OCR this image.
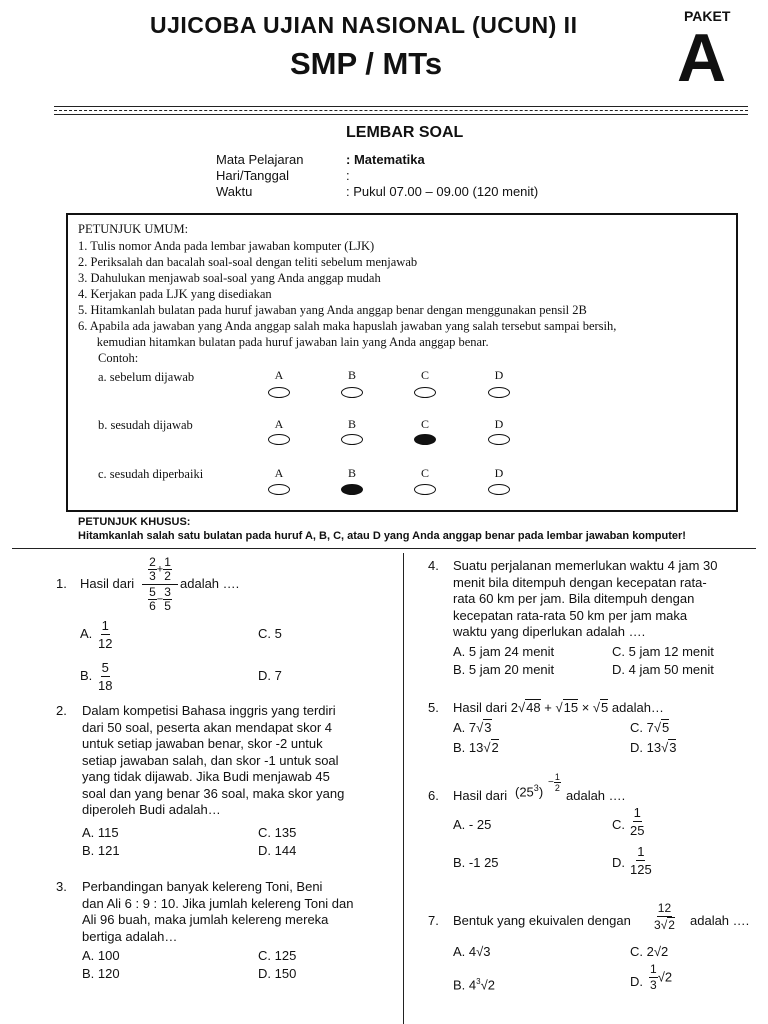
UJICOBA UJIAN NASIONAL (UCUN) II
SMP / MTs
PAKET
A
LEMBAR SOAL
Mata Pelajaran	: Matematika
Hari/Tanggal	:
Waktu	: Pukul 07.00 – 09.00 (120 menit)
PETUNJUK UMUM:
1. Tulis nomor Anda pada lembar jawaban komputer (LJK)
2. Periksalah dan bacalah soal-soal dengan teliti sebelum menjawab
3. Dahulukan menjawab soal-soal yang Anda anggap mudah
4. Kerjakan pada LJK yang disediakan
5. Hitamkanlah bulatan pada huruf jawaban yang Anda anggap benar dengan menggunakan pensil 2B
6. Apabila ada jawaban yang Anda anggap salah maka hapuslah jawaban yang salah tersebut sampai bersih,
kemudian hitamkan bulatan pada huruf jawaban lain yang Anda anggap benar.
Contoh:
a. sebelum dijawab	A	B	C	D
b. sesudah dijawab	A	B	C	D
c. sesudah diperbaiki	A	B	C	D
PETUNJUK KHUSUS:
Hitamkanlah salah satu bulatan pada huruf A, B, C, atau D yang Anda anggap benar pada lembar jawaban komputer!
1. Hasil dari
$\frac{2}{3} + \frac{1}{2}$
$\frac{5}{6} - \frac{3}{5}$
adalah ….
A. $\frac{1}{12}$	C. 5
B. $\frac{5}{18}$	D. 7
2. Dalam kompetisi Bahasa inggris yang terdiri
dari 50 soal, peserta akan mendapat skor 4
untuk setiap jawaban benar, skor -2 untuk
setiap jawaban salah, dan skor -1 untuk soal
yang tidak dijawab. Jika Budi menjawab 45
soal dan yang benar 36 soal, maka skor yang
diperoleh Budi adalah…
A. 115	C. 135
B. 121	D. 144
3. Perbandingan banyak kelereng Toni, Beni
dan Ali 6 : 9 : 10. Jika jumlah kelereng Toni dan
Ali 96 buah, maka jumlah kelereng mereka
bertiga adalah…
A. 100	C. 125
B. 120	D. 150
4. Suatu perjalanan memerlukan waktu 4 jam 30
menit bila ditempuh dengan kecepatan rata-
rata 60 km per jam. Bila ditempuh dengan
kecepatan rata-rata 50 km per jam maka
waktu yang diperlukan adalah ….
A. 5 jam 24 menit	C. 5 jam 12 menit
B. 5 jam 20 menit	D. 4 jam 50 menit
5. Hasil dari 2√48 + √15 × √5 adalah…
A. 7√3	C. 7√5
B. 13√2	D. 13√3
6. Hasil dari $(25^3)$
− $\frac{1}{2}$
adalah ….
A. - 25	C. $\frac{1}{25}$
B. -1 25	D. $\frac{1}{125}$
7. Bentuk yang ekuivalen dengan $\frac{12}{3√2}$ adalah ….
A. 4√3	C. 2√2
B. $4^3√2$	D. $\frac{1}{3} √2$
